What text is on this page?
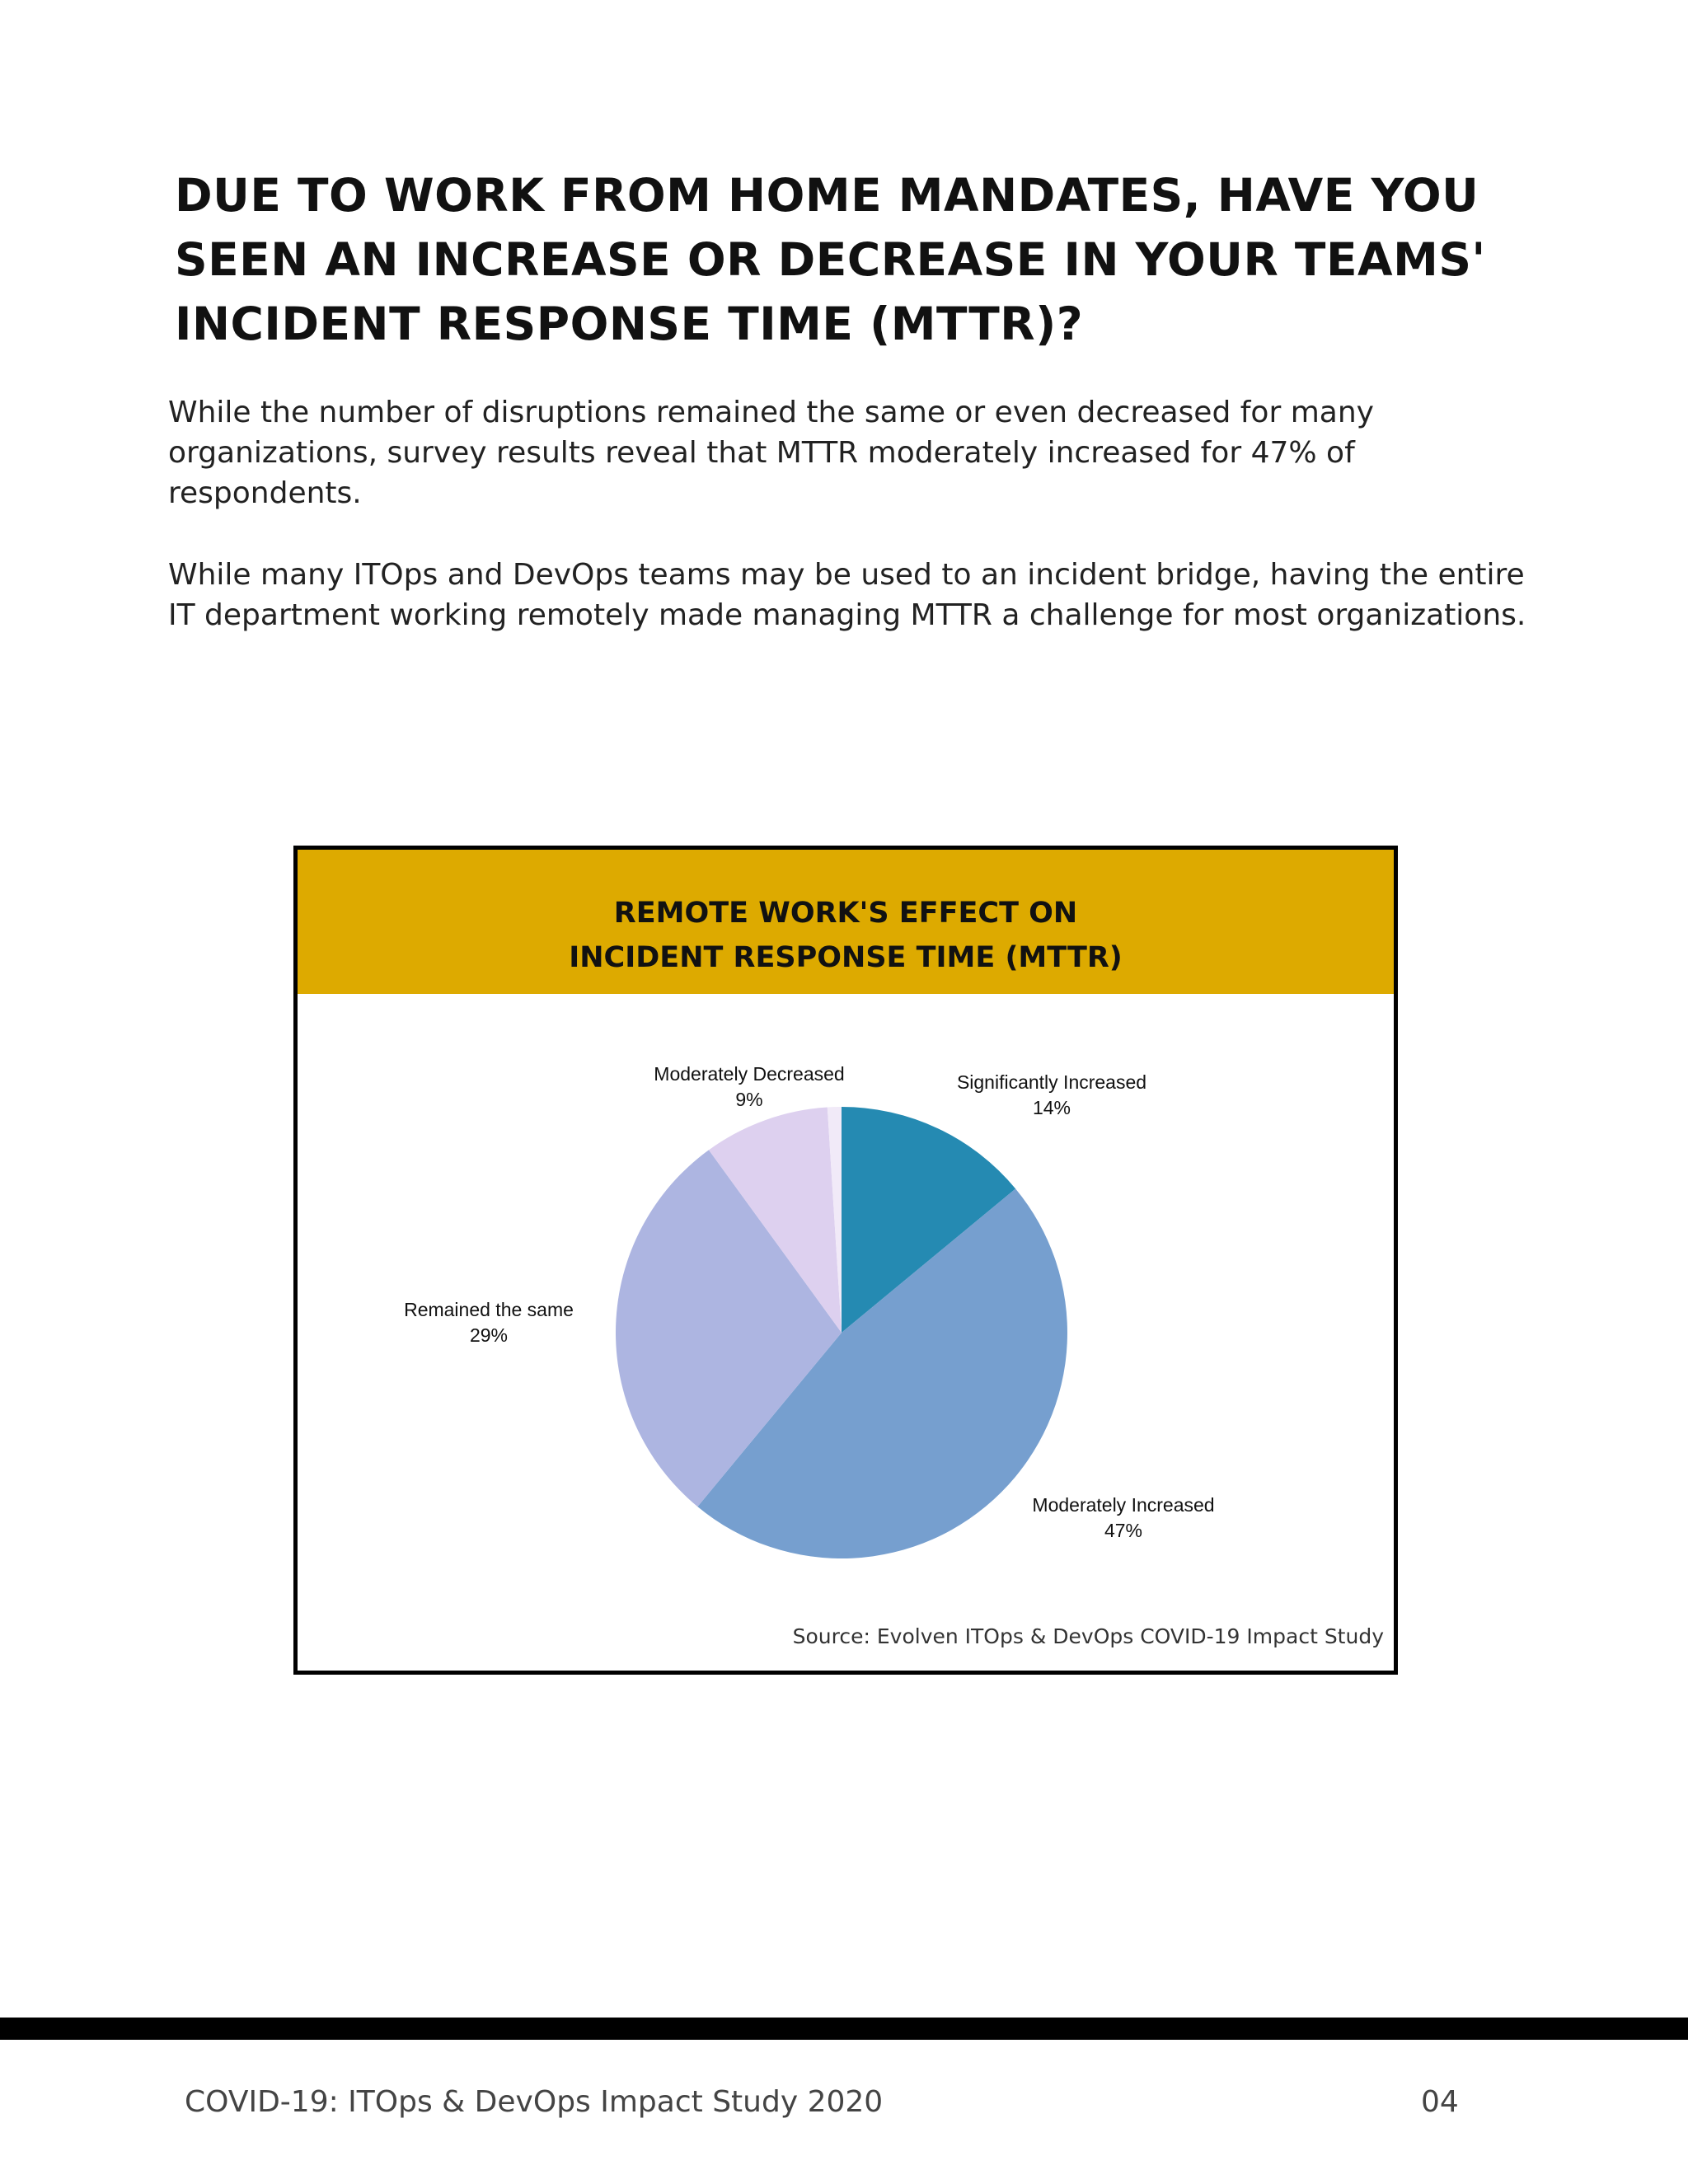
DUE TO WORK FROM HOME MANDATES, HAVE YOU SEEN AN INCREASE OR DECREASE IN YOUR TEAMS' INCIDENT RESPONSE TIME (MTTR)?

While the number of disruptions remained the same or even decreased for many organizations, survey results reveal that MTTR moderately increased for 47% of respondents.

While many ITOps and DevOps teams may be used to an incident bridge, having the entire IT department working remotely made managing MTTR a challenge for most organizations.

REMOTE WORK'S EFFECT ON
INCIDENT RESPONSE TIME (MTTR)
Significantly Increased
14%
Moderately Increased
47%
Remained the same
29%
Moderately Decreased
9%

Source: Evolven ITOps & DevOps COVID-19 Impact Study

COVID-19: ITOps & DevOps Impact Study 2020	04
